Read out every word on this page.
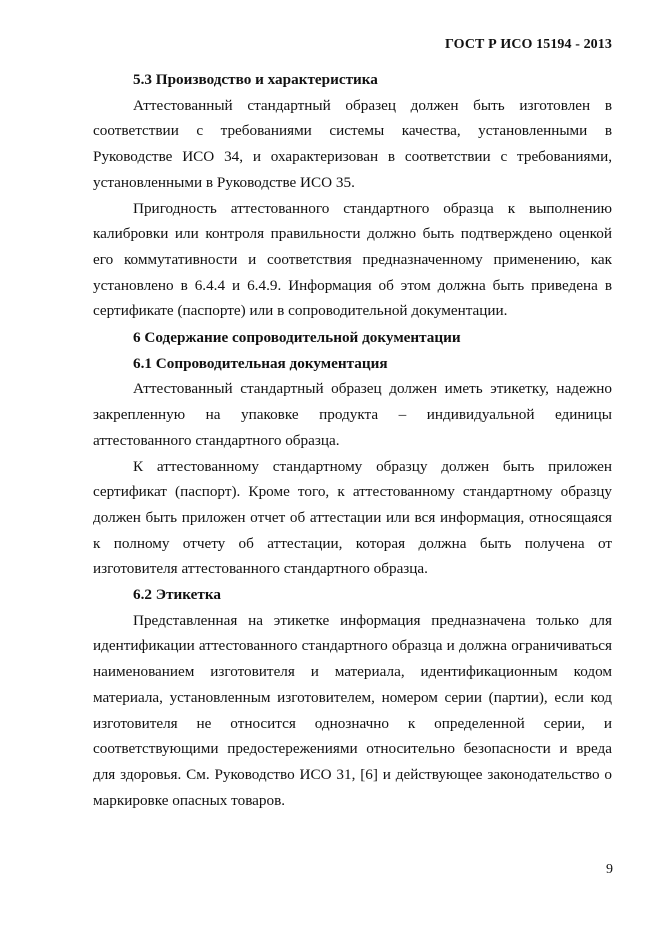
ГОСТ Р ИСО 15194 - 2013
5.3 Производство и характеристика

Аттестованный стандартный образец должен быть изготовлен в соответствии с требованиями системы качества, установленными в Руководстве ИСО 34, и охарактеризован в соответствии с требованиями, установленными в Руководстве ИСО 35.

Пригодность аттестованного стандартного образца к выполнению калибровки или контроля правильности должно быть подтверждено оценкой его коммутативности и соответствия предназначенному применению, как установлено в 6.4.4 и 6.4.9. Информация об этом должна быть приведена в сертификате (паспорте) или в сопроводительной документации.

6 Содержание сопроводительной документации
6.1 Сопроводительная документация

Аттестованный стандартный образец должен иметь этикетку, надежно закрепленную на упаковке продукта – индивидуальной единицы аттестованного стандартного образца.

К аттестованному стандартному образцу должен быть приложен сертификат (паспорт). Кроме того, к аттестованному стандартному образцу должен быть приложен отчет об аттестации или вся информация, относящаяся к полному отчету об аттестации, которая должна быть получена от изготовителя аттестованного стандартного образца.

6.2 Этикетка

Представленная на этикетке информация предназначена только для идентификации аттестованного стандартного образца и должна ограничиваться наименованием изготовителя и материала, идентификационным кодом материала, установленным изготовителем, номером серии (партии), если код изготовителя не относится однозначно к определенной серии, и соответствующими предостережениями относительно безопасности и вреда для здоровья. См. Руководство ИСО 31, [6] и действующее законодательство о маркировке опасных товаров.

9
